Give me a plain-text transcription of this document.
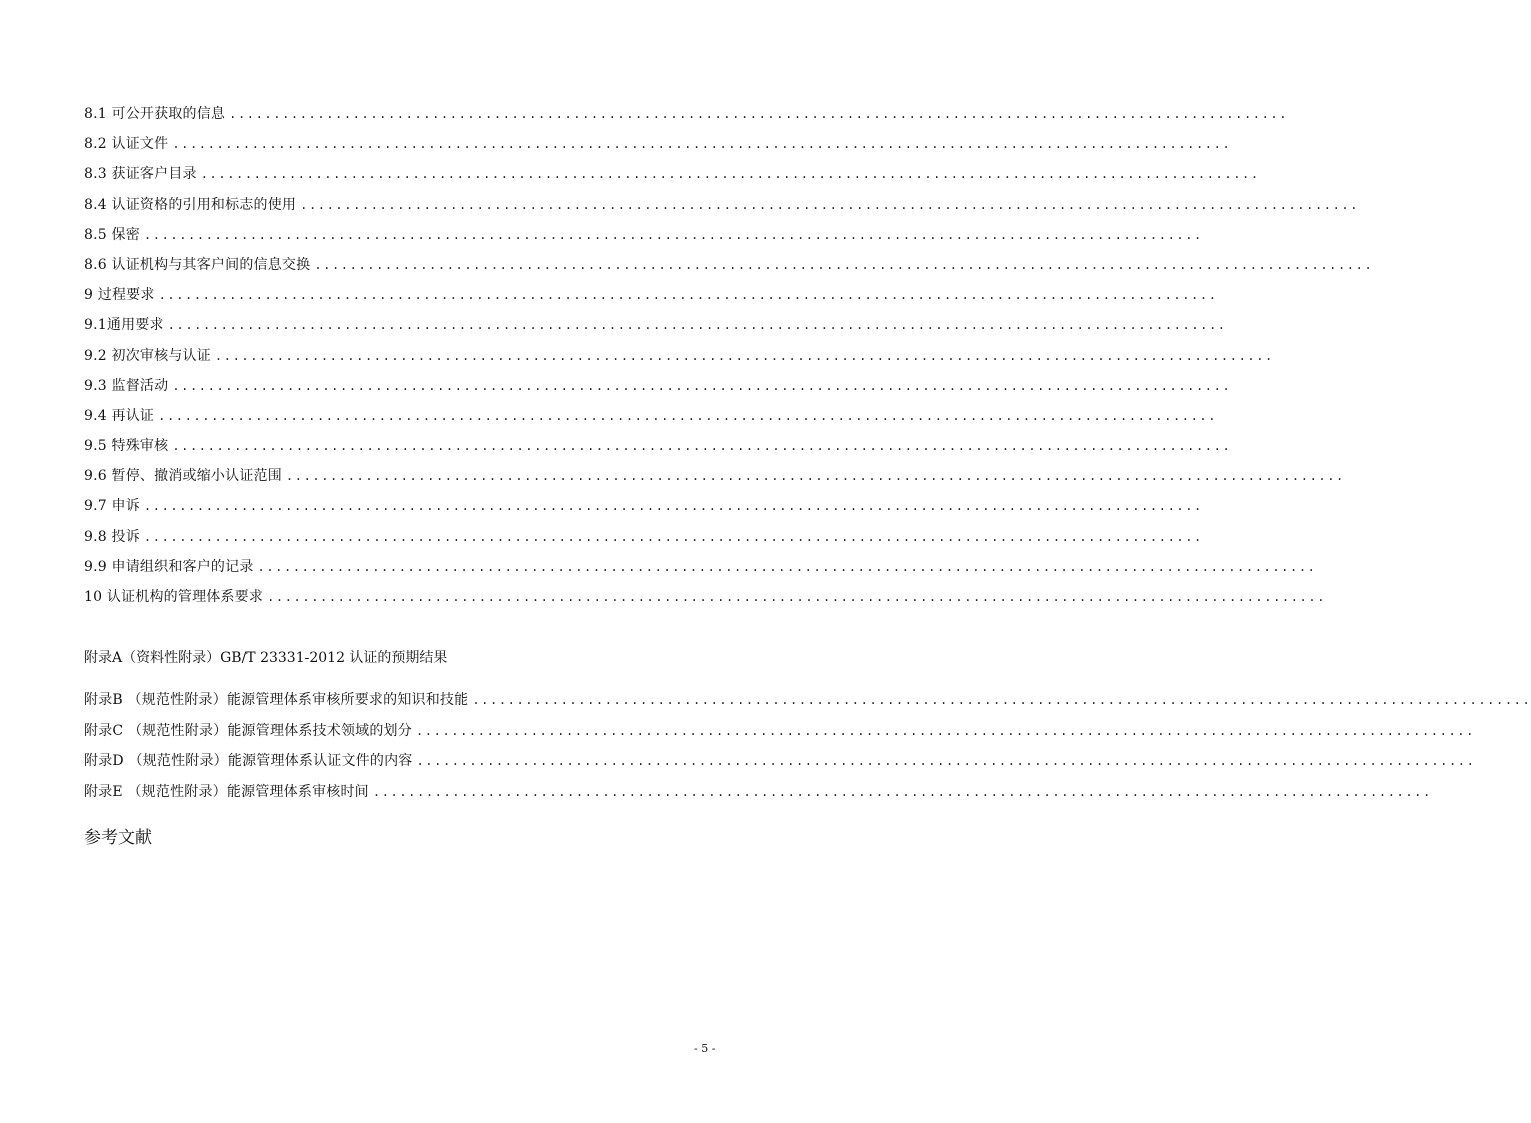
8.1 可公开获取的信息 ........................................................................................................................
8.2 认证文件 ........................................................................................................................
8.3 获证客户目录 ........................................................................................................................
8.4 认证资格的引用和标志的使用 ........................................................................................................................
8.5 保密 ........................................................................................................................
8.6 认证机构与其客户间的信息交换 ........................................................................................................................
9 过程要求 ........................................................................................................................
9.1通用要求 ........................................................................................................................
9.2 初次审核与认证 ........................................................................................................................
9.3 监督活动 ........................................................................................................................
9.4 再认证 ........................................................................................................................
9.5 特殊审核 ........................................................................................................................
9.6 暂停、撤消或缩小认证范围 ........................................................................................................................
9.7 申诉 ........................................................................................................................
9.8 投诉 ........................................................................................................................
9.9 申请组织和客户的记录 ........................................................................................................................
10 认证机构的管理体系要求 ........................................................................................................................
附录A（资料性附录）GB/T 23331-2012 认证的预期结果
附录B （规范性附录）能源管理体系审核所要求的知识和技能 ........................................................................................................................
附录C （规范性附录）能源管理体系技术领域的划分 ........................................................................................................................
附录D （规范性附录）能源管理体系认证文件的内容 ........................................................................................................................
附录E （规范性附录）能源管理体系审核时间 ........................................................................................................................
参考文献
- 5 -
